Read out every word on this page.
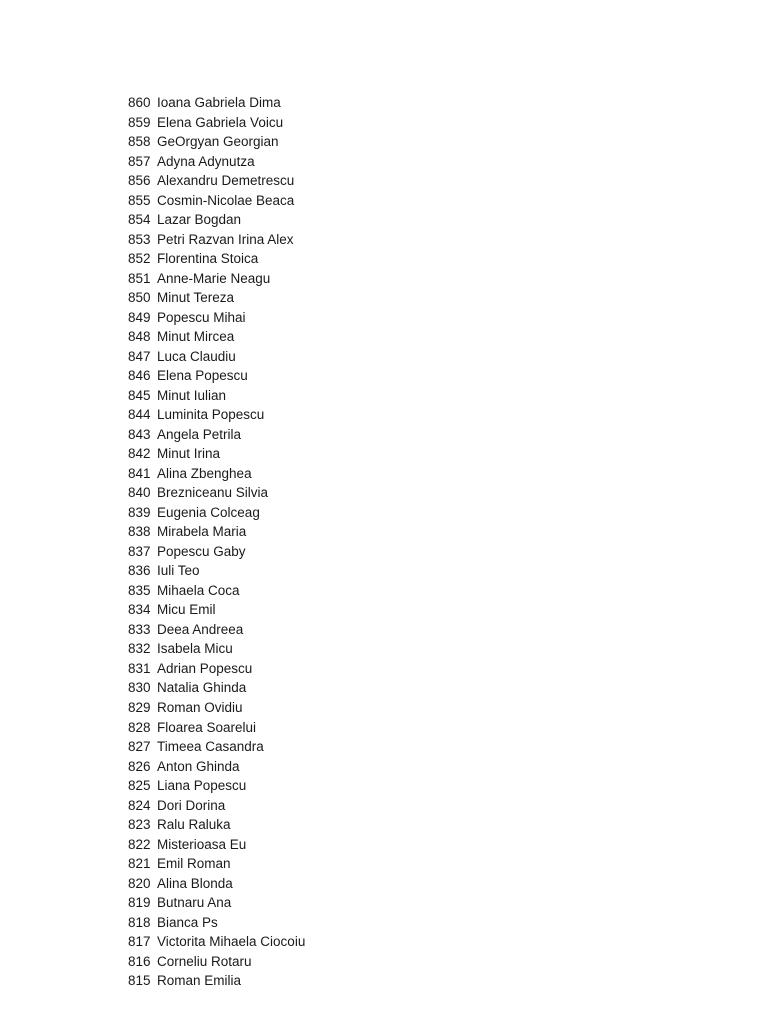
860 Ioana Gabriela Dima
859 Elena Gabriela Voicu
858 GeOrgyan Georgian
857 Adyna Adynutza
856 Alexandru Demetrescu
855 Cosmin-Nicolae Beaca
854 Lazar Bogdan
853 Petri Razvan Irina Alex
852 Florentina Stoica
851 Anne-Marie Neagu
850 Minut Tereza
849 Popescu Mihai
848 Minut Mircea
847 Luca Claudiu
846 Elena Popescu
845 Minut Iulian
844 Luminita Popescu
843 Angela Petrila
842 Minut Irina
841 Alina Zbenghea
840 Brezniceanu Silvia
839 Eugenia Colceag
838 Mirabela Maria
837 Popescu Gaby
836 Iuli Teo
835 Mihaela Coca
834 Micu Emil
833 Deea Andreea
832 Isabela Micu
831 Adrian Popescu
830 Natalia Ghinda
829 Roman Ovidiu
828 Floarea Soarelui
827 Timeea Casandra
826 Anton Ghinda
825 Liana Popescu
824 Dori Dorina
823 Ralu Raluka
822 Misterioasa Eu
821 Emil Roman
820 Alina Blonda
819 Butnaru Ana
818 Bianca Ps
817 Victorita Mihaela Ciocoiu
816 Corneliu Rotaru
815 Roman Emilia
